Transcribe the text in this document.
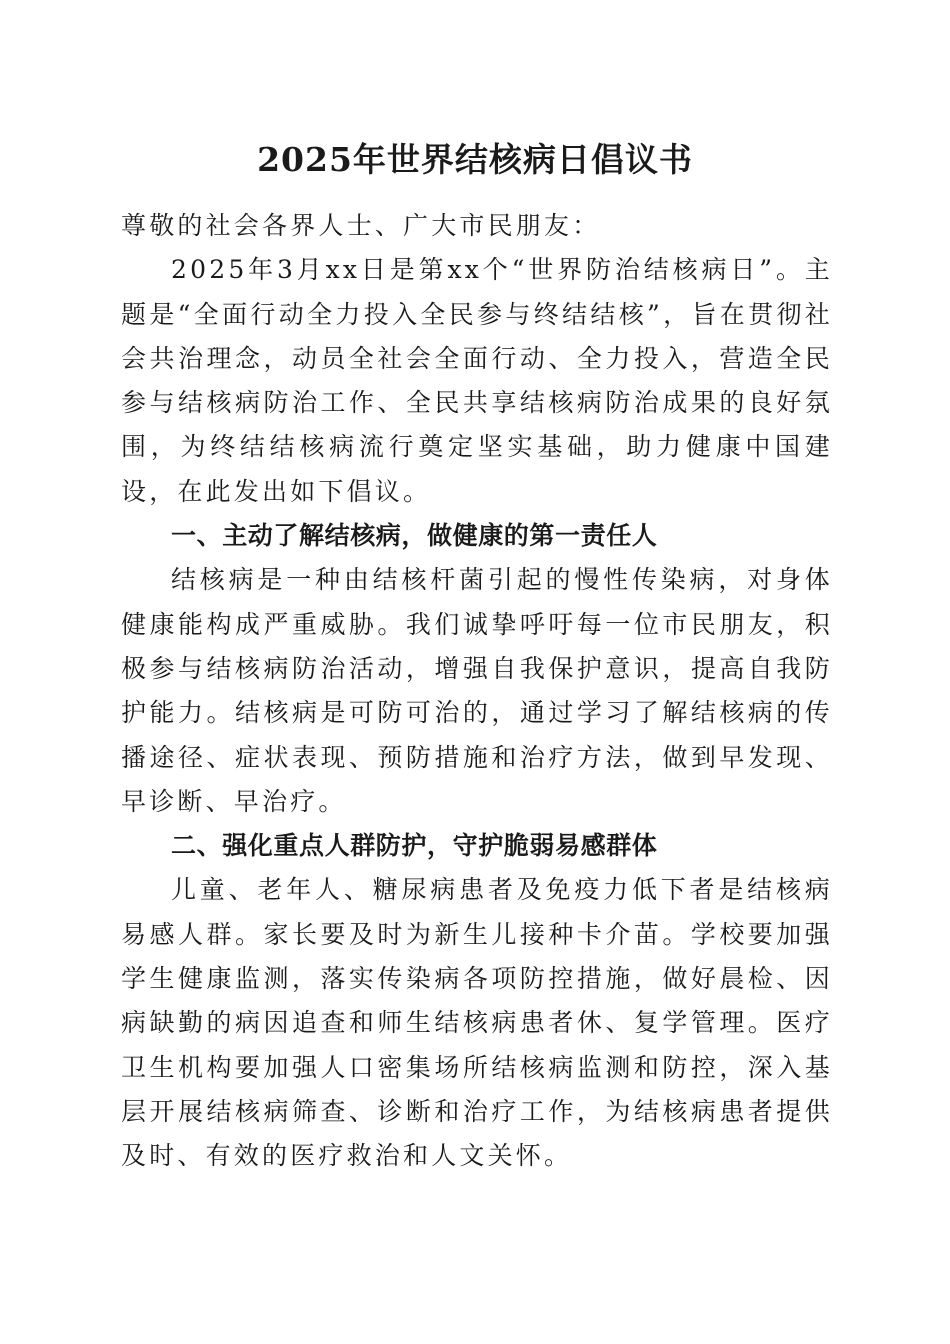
2025年世界结核病日倡议书

尊敬的社会各界人士、广大市民朋友：

2025年3月xx日是第xx个“世界防治结核病日”。主题是“全面行动全力投入全民参与终结结核”，旨在贯彻社会共治理念，动员全社会全面行动、全力投入，营造全民参与结核病防治工作、全民共享结核病防治成果的良好氛围，为终结结核病流行奠定坚实基础，助力健康中国建设，在此发出如下倡议。

一、主动了解结核病，做健康的第一责任人

结核病是一种由结核杆菌引起的慢性传染病，对身体健康能构成严重威胁。我们诚挚呼吁每一位市民朋友，积极参与结核病防治活动，增强自我保护意识，提高自我防护能力。结核病是可防可治的，通过学习了解结核病的传播途径、症状表现、预防措施和治疗方法，做到早发现、早诊断、早治疗。

二、强化重点人群防护，守护脆弱易感群体

儿童、老年人、糖尿病患者及免疫力低下者是结核病易感人群。家长要及时为新生儿接种卡介苗。学校要加强学生健康监测，落实传染病各项防控措施，做好晨检、因病缺勤的病因追查和师生结核病患者休、复学管理。医疗卫生机构要加强人口密集场所结核病监测和防控，深入基层开展结核病筛查、诊断和治疗工作，为结核病患者提供及时、有效的医疗救治和人文关怀。
